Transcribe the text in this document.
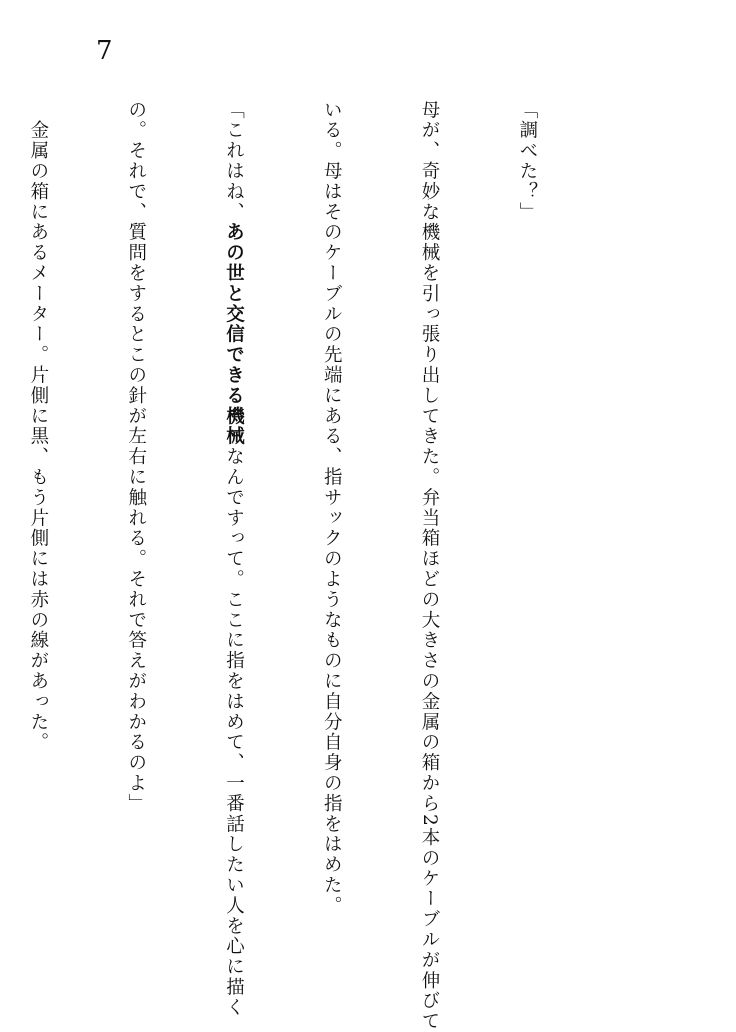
7

「調べた？」

母が、奇妙な機械を引っ張り出してきた。弁当箱ほどの大きさの金属の箱から2本のケーブルが伸びて

いる。母はそのケーブルの先端にある、指サックのようなものに自分自身の指をはめた。

「これはね、あの世と交信できる機械なんですって。ここに指をはめて、一番話したい人を心に描く

の。それで、質問をするとこの針が左右に触れる。それで答えがわかるのよ」

　金属の箱にあるメーター。片側に黒、もう片側には赤の線があった。
